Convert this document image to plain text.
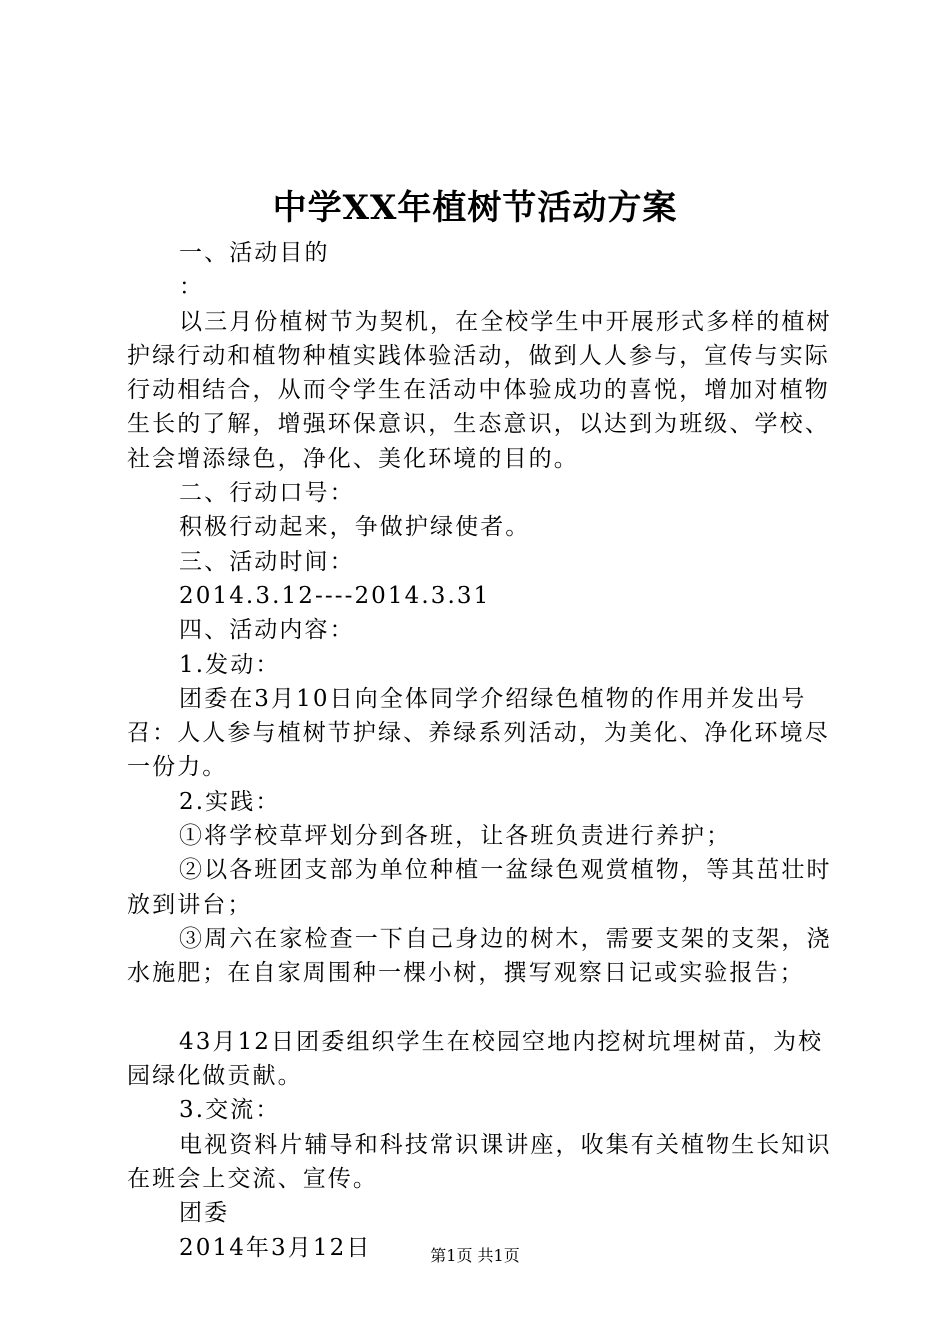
中学XX年植树节活动方案

一、活动目的

：

以三月份植树节为契机，在全校学生中开展形式多样的植树护绿行动和植物种植实践体验活动，做到人人参与，宣传与实际行动相结合，从而令学生在活动中体验成功的喜悦，增加对植物生长的了解，增强环保意识，生态意识，以达到为班级、学校、社会增添绿色，净化、美化环境的目的。

二、行动口号：

积极行动起来，争做护绿使者。

三、活动时间：

2014.3.12----2014.3.31

四、活动内容：

1.发动：

团委在3月10日向全体同学介绍绿色植物的作用并发出号召：人人参与植树节护绿、养绿系列活动，为美化、净化环境尽一份力。

2.实践：

①将学校草坪划分到各班，让各班负责进行养护；

②以各班团支部为单位种植一盆绿色观赏植物，等其茁壮时放到讲台；

③周六在家检查一下自己身边的树木，需要支架的支架，浇水施肥；在自家周围种一棵小树，撰写观察日记或实验报告；

43月12日团委组织学生在校园空地内挖树坑埋树苗，为校园绿化做贡献。

3.交流：

电视资料片辅导和科技常识课讲座，收集有关植物生长知识在班会上交流、宣传。

团委

2014年3月12日	第1页 共1页
